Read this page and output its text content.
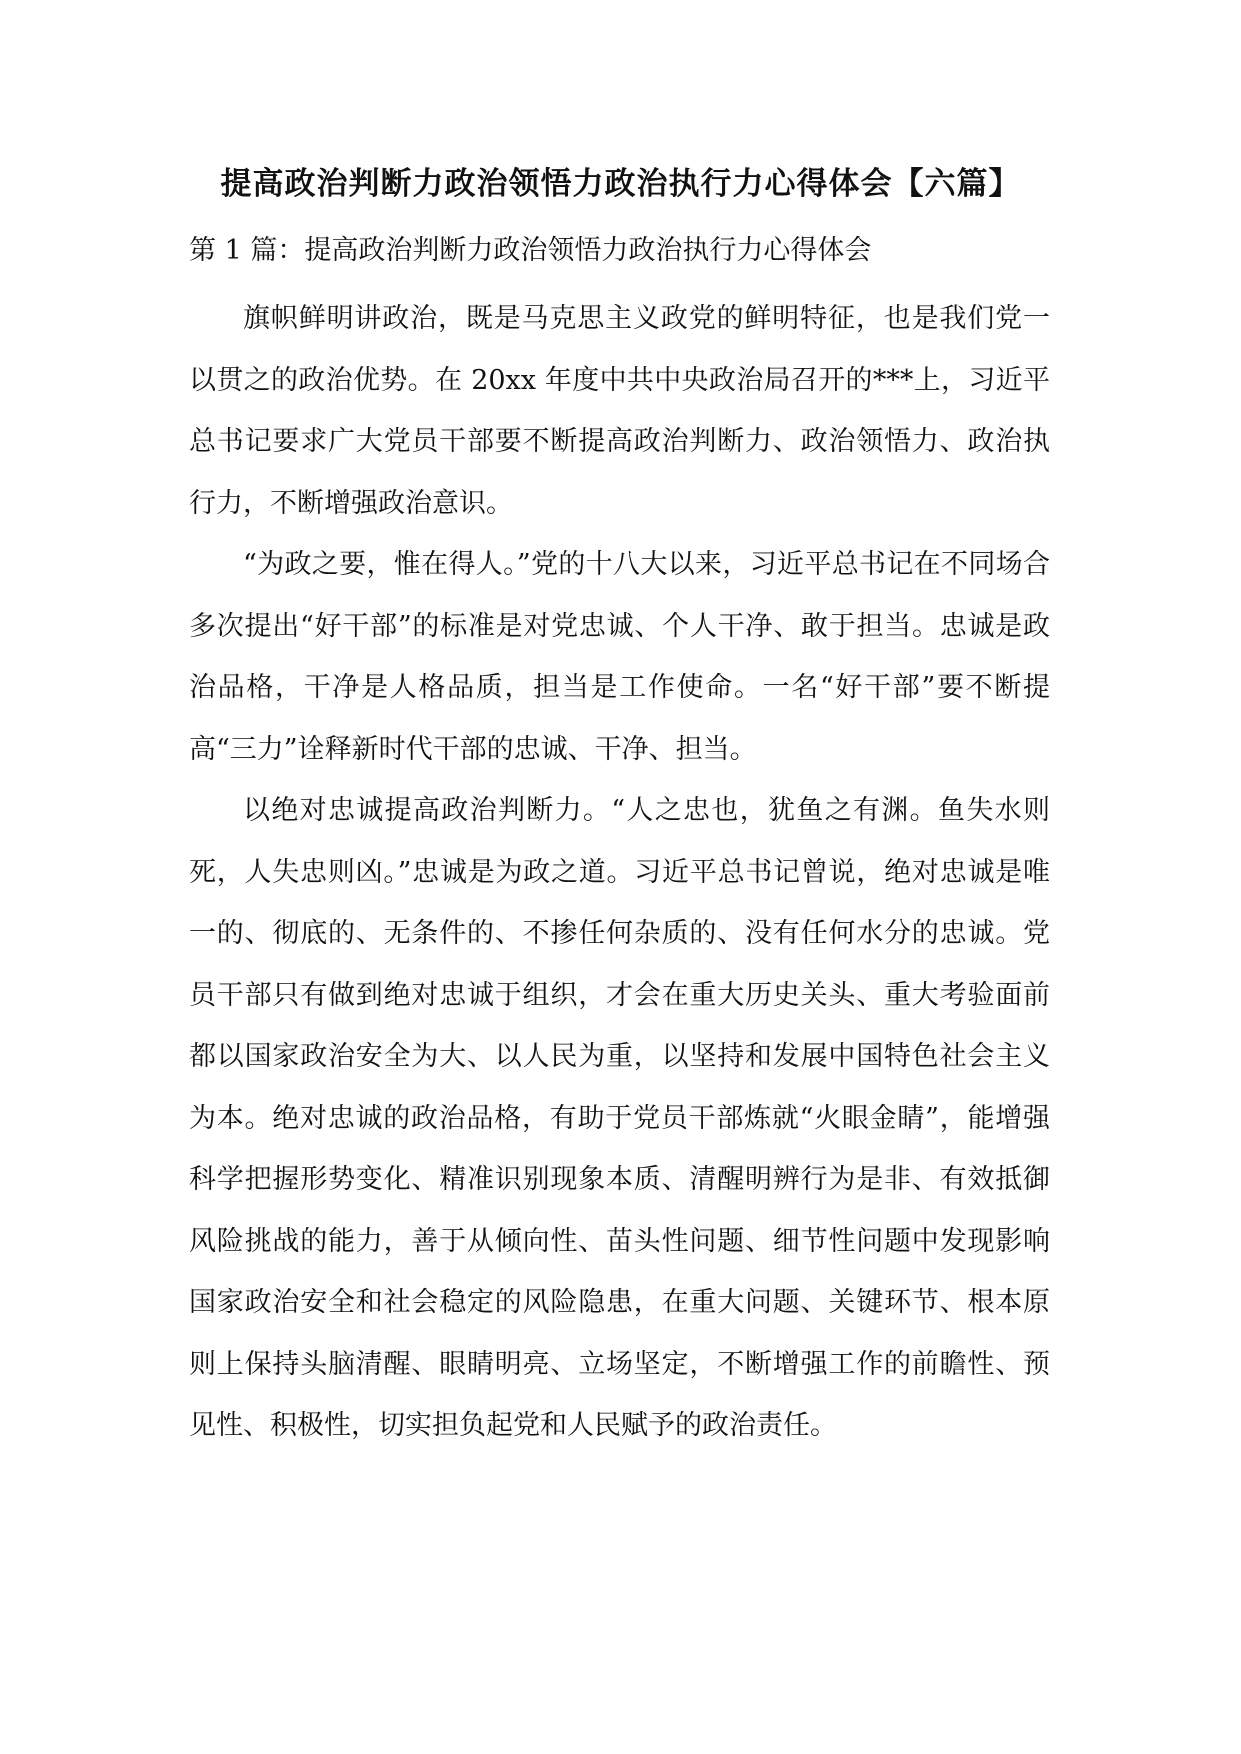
提高政治判断力政治领悟力政治执行力心得体会【六篇】
第 1 篇：提高政治判断力政治领悟力政治执行力心得体会

旗帜鲜明讲政治，既是马克思主义政党的鲜明特征，也是我们党一以贯之的政治优势。在 20xx 年度中共中央政治局召开的***上，习近平总书记要求广大党员干部要不断提高政治判断力、政治领悟力、政治执行力，不断增强政治意识。

“为政之要，惟在得人。”党的十八大以来，习近平总书记在不同场合多次提出“好干部”的标准是对党忠诚、个人干净、敢于担当。忠诚是政治品格，干净是人格品质，担当是工作使命。一名“好干部”要不断提高“三力”诠释新时代干部的忠诚、干净、担当。

以绝对忠诚提高政治判断力。“人之忠也，犹鱼之有渊。鱼失水则死，人失忠则凶。”忠诚是为政之道。习近平总书记曾说，绝对忠诚是唯一的、彻底的、无条件的、不掺任何杂质的、没有任何水分的忠诚。党员干部只有做到绝对忠诚于组织，才会在重大历史关头、重大考验面前都以国家政治安全为大、以人民为重，以坚持和发展中国特色社会主义为本。绝对忠诚的政治品格，有助于党员干部炼就“火眼金睛”，能增强科学把握形势变化、精准识别现象本质、清醒明辨行为是非、有效抵御风险挑战的能力，善于从倾向性、苗头性问题、细节性问题中发现影响国家政治安全和社会稳定的风险隐患，在重大问题、关键环节、根本原则上保持头脑清醒、眼睛明亮、立场坚定，不断增强工作的前瞻性、预见性、积极性，切实担负起党和人民赋予的政治责任。
